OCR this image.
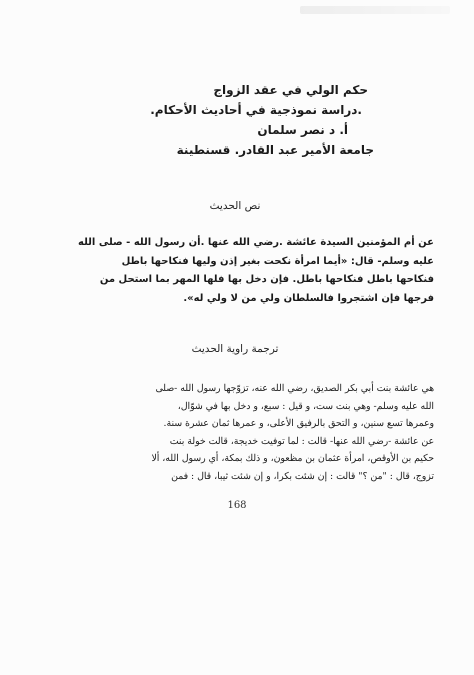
حكم الولي في عقد الزواج
.دراسة نموذجية في أحاديث الأحكام.
أ. د نصر سلمان
جامعة الأمير عبد القادر. قسنطينة
نص الحديث
عن أم المؤمنين السيدة عائشة .رضي الله عنها .أن رسول الله - صلى الله
عليه وسلم- قال: «أيما امرأة نكحت بغير إذن وليها فنكاحها باطل
فنكاحها باطل فنكاحها باطل. فإن دخل بها فلها المهر بما استحل من
فرجها فإن اشتجروا فالسلطان ولي من لا ولي له».
ترجمة راوية الحديث
هي عائشة بنت أبي بكر الصديق، رضي الله عنه، تزوّجها رسول الله -صلى
الله عليه وسلم- وهي بنت ست، و قيل : سبع، و دخل بها في شوّال،
وعمرها تسع سنين، و التحق بالرفيق الأعلى، و عمرها ثمان عشرة سنة.
عن عائشة -رضي الله عنها- قالت : لما توفيت خديجة، قالت خولة بنت
حكيم بن الأوقص، امرأة عثمان بن مظعون، و ذلك بمكة، أي رسول الله، ألا
تزوج، قال : "من ؟" قالت : إن شئت بكرا، و إن شئت ثيبا، قال : فمن
168
